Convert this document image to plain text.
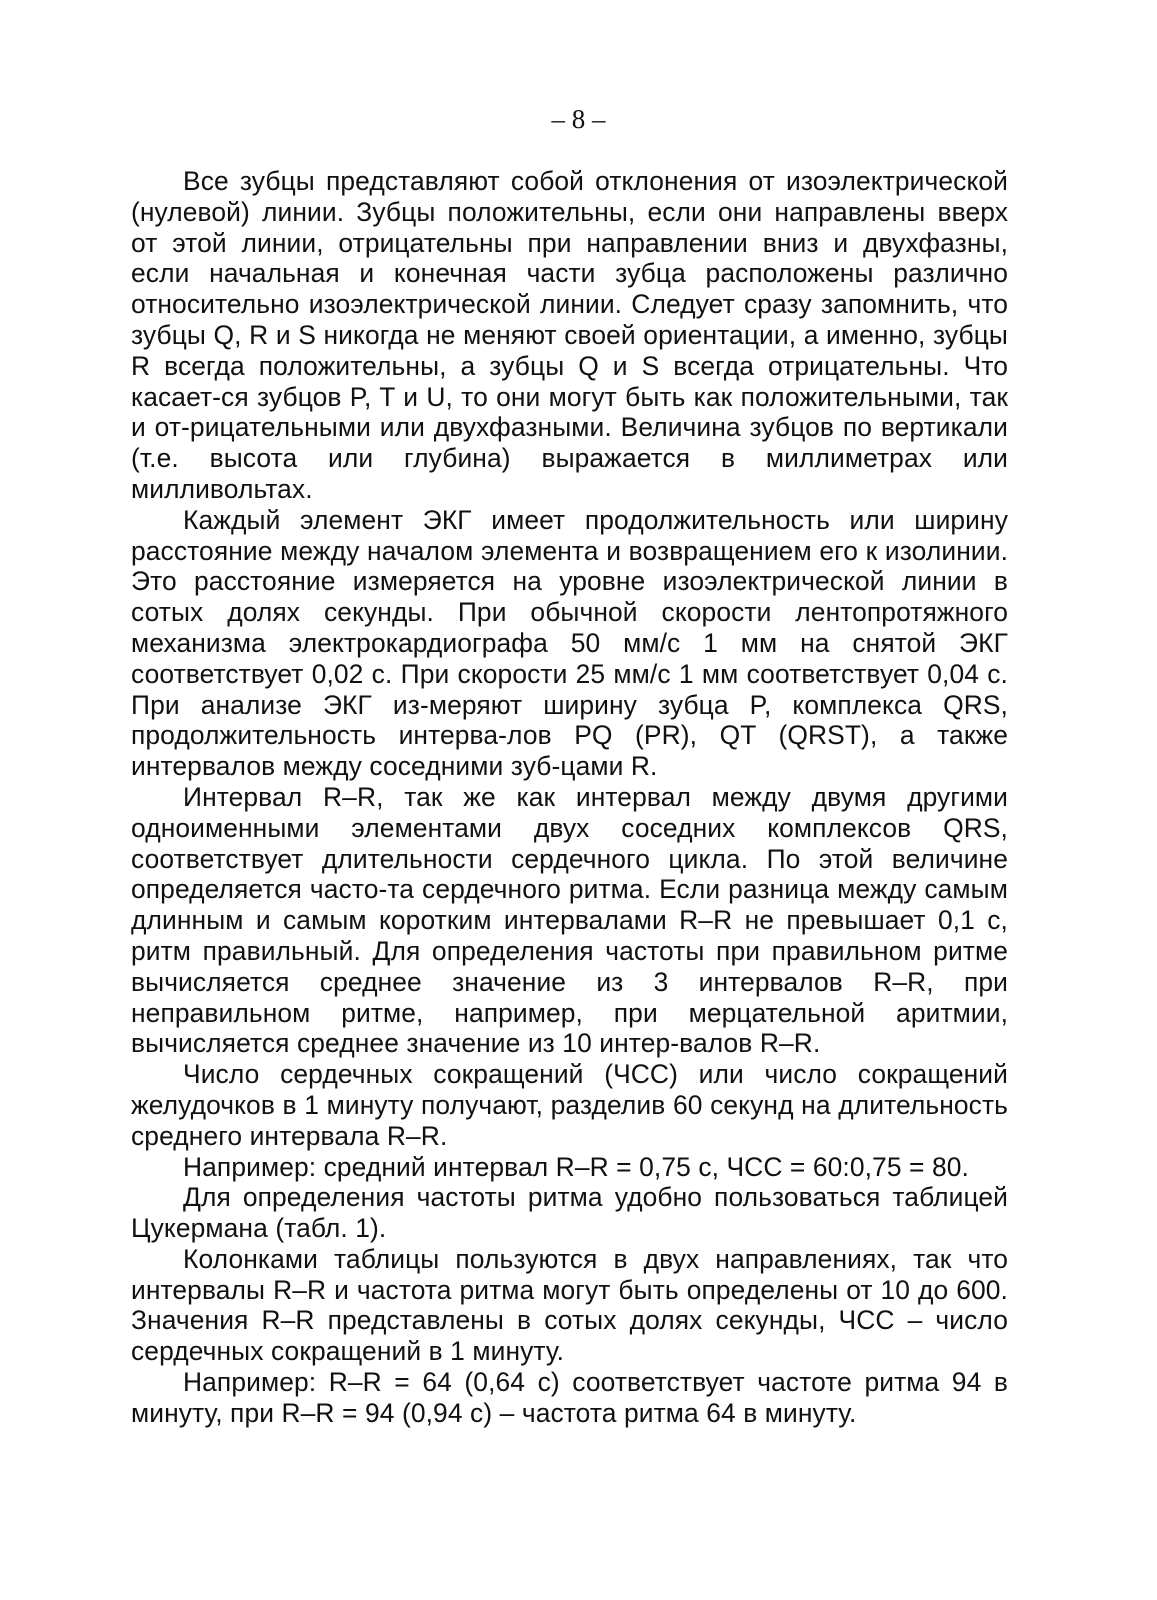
– 8 –

Все зубцы представляют собой отклонения от изоэлектрической (нулевой) линии. Зубцы положительны, если они направлены вверх от этой линии, отрицательны при направлении вниз и двухфазны, если начальная и конечная части зубца расположены различно относительно изоэлектрической линии. Следует сразу запомнить, что зубцы Q, R и S никогда не меняют своей ориентации, а именно, зубцы R всегда положительны, а зубцы Q и S всегда отрицательны. Что касает-ся зубцов P, T и U, то они могут быть как положительными, так и от-рицательными или двухфазными. Величина зубцов по вертикали (т.е. высота или глубина) выражается в миллиметрах или милливольтах.

Каждый элемент ЭКГ имеет продолжительность или ширину расстояние между началом элемента и возвращением его к изолинии. Это расстояние измеряется на уровне изоэлектрической линии в сотых долях секунды. При обычной скорости лентопротяжного механизма электрокардиографа 50 мм/с 1 мм на снятой ЭКГ соответствует 0,02 с. При скорости 25 мм/с 1 мм соответствует 0,04 с. При анализе ЭКГ из-меряют ширину зубца P, комплекса QRS, продолжительность интерва-лов PQ (PR), QT (QRST), а также интервалов между соседними зуб-цами R.

Интервал R–R, так же как интервал между двумя другими одноименными элементами двух соседних комплексов QRS, соответствует длительности сердечного цикла. По этой величине определяется часто-та сердечного ритма. Если разница между самым длинным и самым коротким интервалами R–R не превышает 0,1 с, ритм правильный. Для определения частоты при правильном ритме вычисляется среднее значение из 3 интервалов R–R, при неправильном ритме, например, при мерцательной аритмии, вычисляется среднее значение из 10 интер-валов R–R.

Число сердечных сокращений (ЧСС) или число сокращений желудочков в 1 минуту получают, разделив 60 секунд на длительность среднего интервала R–R.

Например: средний интервал R–R = 0,75 с, ЧСС = 60:0,75 = 80.

Для определения частоты ритма удобно пользоваться таблицей Цукермана (табл. 1).

Колонками таблицы пользуются в двух направлениях, так что интервалы R–R и частота ритма могут быть определены от 10 до 600. Значения R–R представлены в сотых долях секунды, ЧСС – число сердечных сокращений в 1 минуту.

Например: R–R = 64 (0,64 с) соответствует частоте ритма 94 в минуту, при R–R = 94 (0,94 с) – частота ритма 64 в минуту.
